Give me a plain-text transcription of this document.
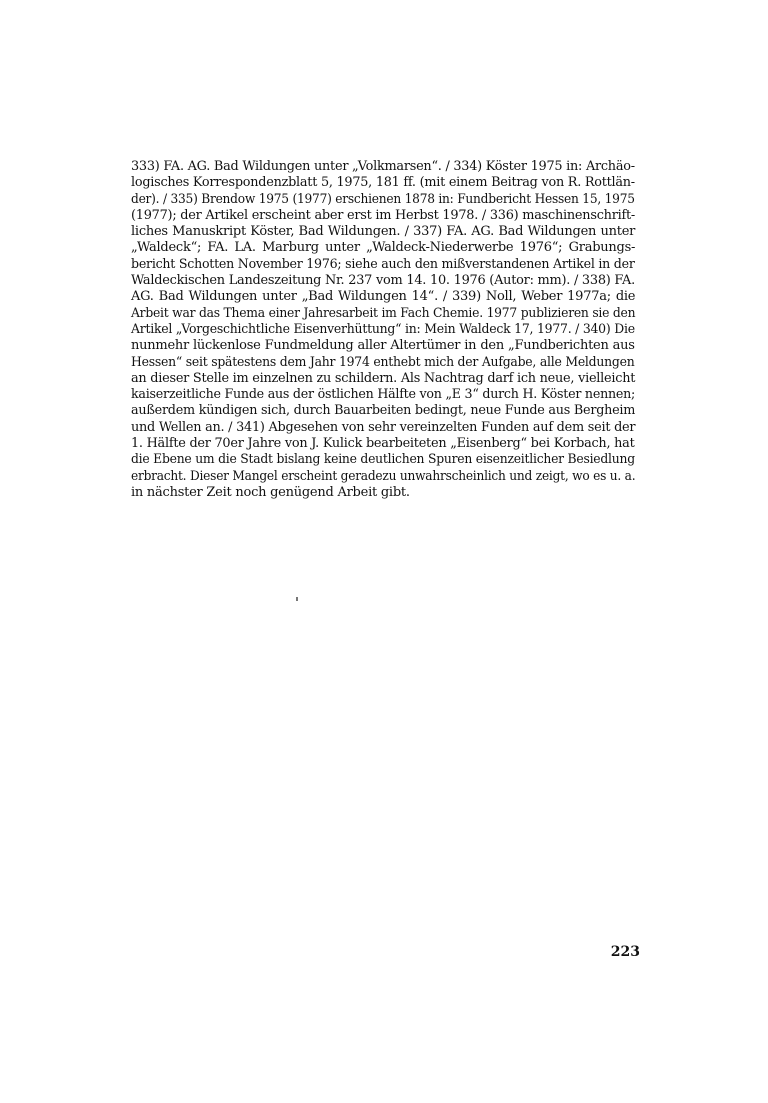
333) FA. AG. Bad Wildungen unter „Volkmarsen“. / 334) Köster 1975 in: Archäo-
logisches Korrespondenzblatt 5, 1975, 181 ff. (mit einem Beitrag von R. Rottlän-
der). / 335) Brendow 1975 (1977) erschienen 1878 in: Fundbericht Hessen 15, 1975
(1977); der Artikel erscheint aber erst im Herbst 1978. / 336) maschinenschrift-
liches Manuskript Köster, Bad Wildungen. / 337) FA. AG. Bad Wildungen unter
„Waldeck“; FA. LA. Marburg unter „Waldeck-Niederwerbe 1976“; Grabungs-
bericht Schotten November 1976; siehe auch den mißverstandenen Artikel in der
Waldeckischen Landeszeitung Nr. 237 vom 14. 10. 1976 (Autor: mm). / 338) FA.
AG. Bad Wildungen unter „Bad Wildungen 14“. / 339) Noll, Weber 1977a; die
Arbeit war das Thema einer Jahresarbeit im Fach Chemie. 1977 publizieren sie den
Artikel „Vorgeschichtliche Eisenverhüttung“ in: Mein Waldeck 17, 1977. / 340) Die
nunmehr lückenlose Fundmeldung aller Altertümer in den „Fundberichten aus
Hessen“ seit spätestens dem Jahr 1974 enthebt mich der Aufgabe, alle Meldungen
an dieser Stelle im einzelnen zu schildern. Als Nachtrag darf ich neue, vielleicht
kaiserzeitliche Funde aus der östlichen Hälfte von „E 3“ durch H. Köster nennen;
außerdem kündigen sich, durch Bauarbeiten bedingt, neue Funde aus Bergheim
und Wellen an. / 341) Abgesehen von sehr vereinzelten Funden auf dem seit der
1. Hälfte der 70er Jahre von J. Kulick bearbeiteten „Eisenberg“ bei Korbach, hat
die Ebene um die Stadt bislang keine deutlichen Spuren eisenzeitlicher Besiedlung
erbracht. Dieser Mangel erscheint geradezu unwahrscheinlich und zeigt, wo es u. a.
in nächster Zeit noch genügend Arbeit gibt.
223
